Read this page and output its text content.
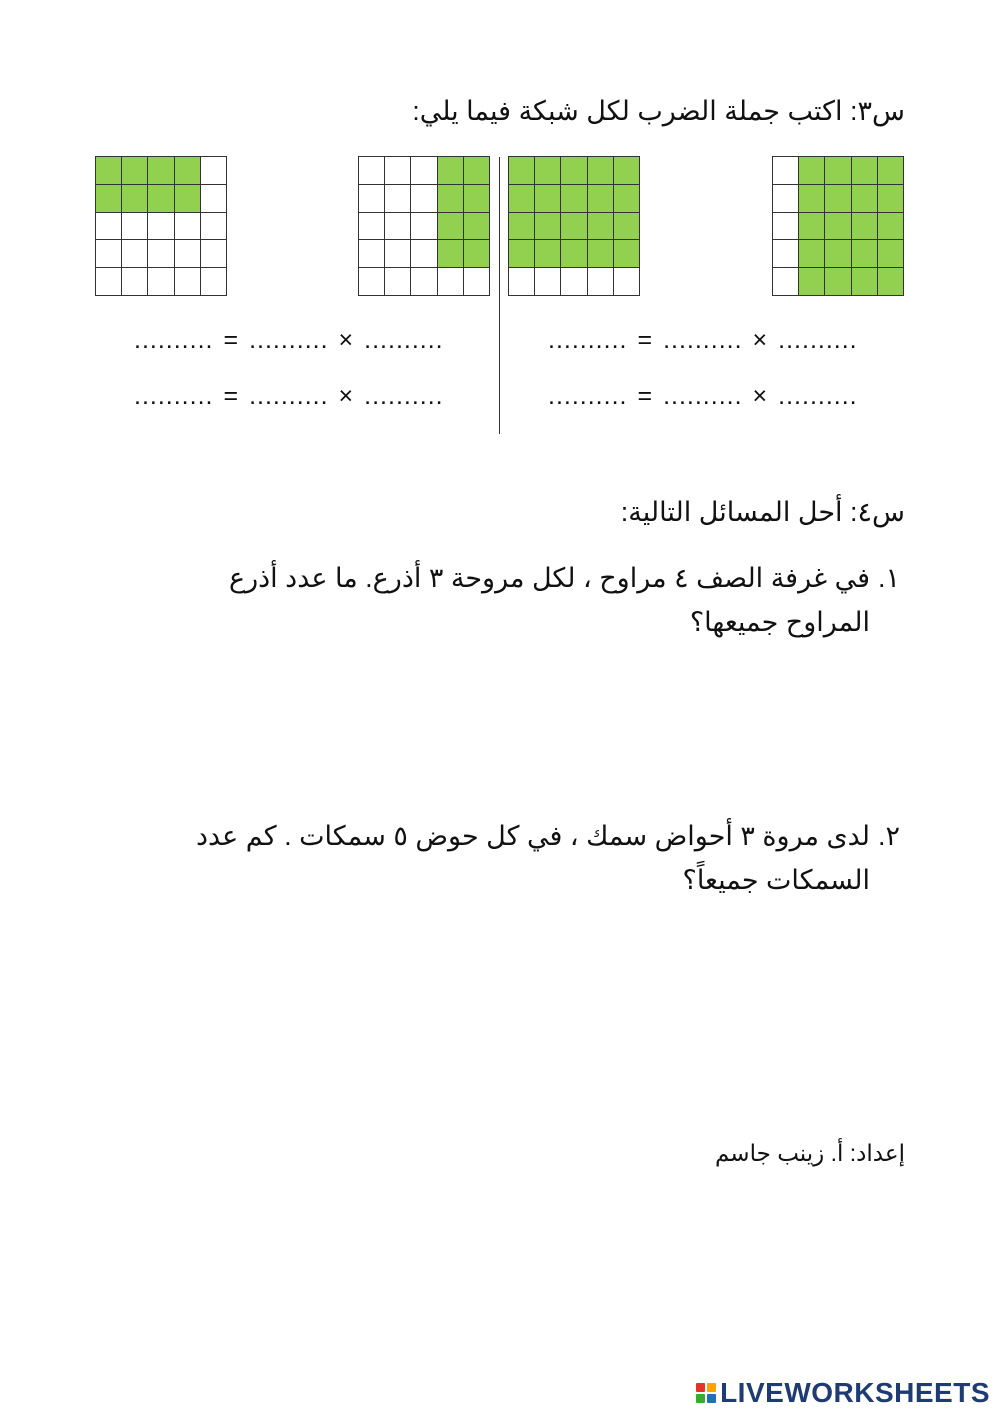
س٣: اكتب جملة الضرب لكل شبكة فيما يلي:
.......... = .......... × ..........
.......... = .......... × ..........
.......... = .......... × ..........
.......... = .......... × ..........
س٤: أحل المسائل التالية:
١.
في غرفة الصف ٤ مراوح ، لكل مروحة ٣ أذرع. ما عدد أذرع المراوح جميعها؟
٢.
لدى مروة ٣ أحواض سمك ، في كل حوض ٥ سمكات . كم عدد السمكات جميعاً؟
إعداد: أ. زينب جاسم
LIVEWORKSHEETS
